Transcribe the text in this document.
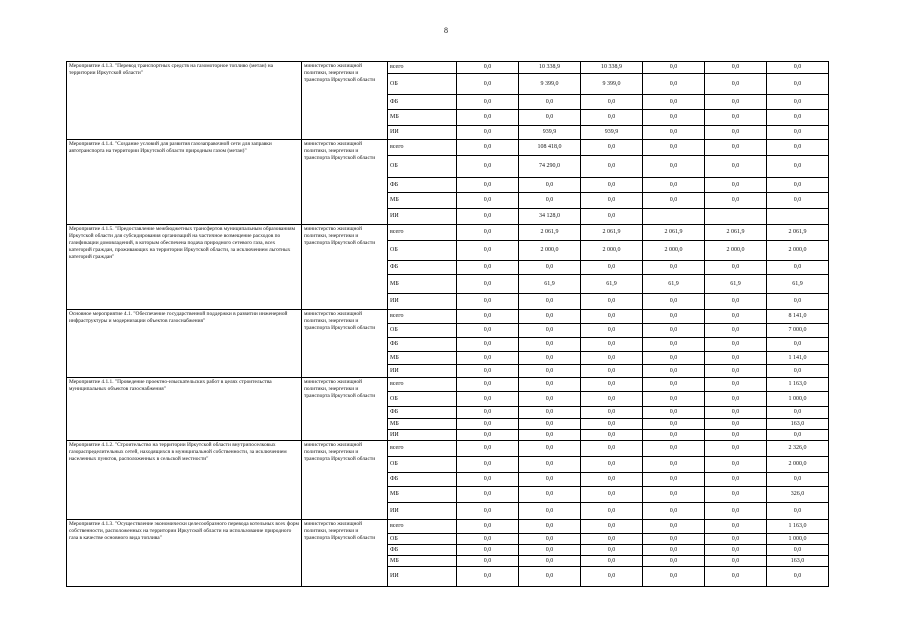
8
Мероприятие 4.1.3. "Перевод транспортных средств на газомоторное топливо (метан) на территории Иркутской области"	министерство жилищной политики, энергетики и транспорта Иркутской области	всего	0,0	10 338,9	10 338,9	0,0	0,0	0,0
		ОБ	0,0	9 399,0	9 399,0	0,0	0,0	0,0
		ФБ	0,0	0,0	0,0	0,0	0,0	0,0
		МБ	0,0	0,0	0,0	0,0	0,0	0,0
		ИИ	0,0	939,9	939,9	0,0	0,0	0,0
Мероприятие 4.1.4. "Создание условий для развития газозаправочной сети для заправки автотранспорта на территории Иркутской области природным газом (метан)"	министерство жилищной политики, энергетики и транспорта Иркутской области	всего	0,0	108 418,0	0,0	0,0	0,0	0,0
		ОБ	0,0	74 290,0	0,0	0,0	0,0	0,0
		ФБ	0,0	0,0	0,0	0,0	0,0	0,0
		МБ	0,0	0,0	0,0	0,0	0,0	0,0
		ИИ	0,0	34 128,0	0,0			
Мероприятие 4.1.5. "Предоставление межбюджетных трансфертов муниципальным образованиям Иркутской области для субсидирования организаций на частичное возмещение расходов по газификации домовладений, в которым обеспечена подача природного сетевого газа, всех категорий граждан, проживающих на территории Иркутской области, за исключением льготных категорий граждан"	министерство жилищной политики, энергетики и транспорта Иркутской области	всего	0,0	2 061,9	2 061,9	2 061,9	2 061,9	2 061,9
		ОБ	0,0	2 000,0	2 000,0	2 000,0	2 000,0	2 000,0
		ФБ	0,0	0,0	0,0	0,0	0,0	0,0
		МБ	0,0	61,9	61,9	61,9	61,9	61,9
		ИИ	0,0	0,0	0,0	0,0	0,0	0,0
Основное мероприятие 4.1. "Обеспечение государственной поддержки в развитии инженерной инфраструктуры и модернизации объектов газоснабжения"	министерство жилищной политики, энергетики и транспорта Иркутской области	всего	0,0	0,0	0,0	0,0	0,0	8 141,0
		ОБ	0,0	0,0	0,0	0,0	0,0	7 000,0
		ФБ	0,0	0,0	0,0	0,0	0,0	0,0
		МБ	0,0	0,0	0,0	0,0	0,0	1 141,0
		ИИ	0,0	0,0	0,0	0,0	0,0	0,0
Мероприятие 4.1.1. "Проведение проектно-изыскательских работ в целях строительства муниципальных объектов газоснабжения"	министерство жилищной политики, энергетики и транспорта Иркутской области	всего	0,0	0,0	0,0	0,0	0,0	1 163,0
		ОБ	0,0	0,0	0,0	0,0	0,0	1 000,0
		ФБ	0,0	0,0	0,0	0,0	0,0	0,0
		МБ	0,0	0,0	0,0	0,0	0,0	163,0
		ИИ	0,0	0,0	0,0	0,0	0,0	0,0
Мероприятие 4.1.2. "Строительство на территории Иркутской области внутрипоселковых газораспределительных сетей, находящихся в муниципальной собственности, за исключением населенных пунктов, расположенных в сельской местности"	министерство жилищной политики, энергетики и транспорта Иркутской области	всего	0,0	0,0	0,0	0,0	0,0	2 326,0
		ОБ	0,0	0,0	0,0	0,0	0,0	2 000,0
		ФБ	0,0	0,0	0,0	0,0	0,0	0,0
		МБ	0,0	0,0	0,0	0,0	0,0	326,0
		ИИ	0,0	0,0	0,0	0,0	0,0	0,0
Мероприятие 4.1.3. "Осуществление экономически целесообразного перевода котельных всех форм собственности, расположенных на территории Иркутской области на использование природного газа в качестве основного вида топлива"	министерство жилищной политики, энергетики и транспорта Иркутской области	всего	0,0	0,0	0,0	0,0	0,0	1 163,0
		ОБ	0,0	0,0	0,0	0,0	0,0	1 000,0
		ФБ	0,0	0,0	0,0	0,0	0,0	0,0
		МБ	0,0	0,0	0,0	0,0	0,0	163,0
		ИИ	0,0	0,0	0,0	0,0	0,0	0,0
